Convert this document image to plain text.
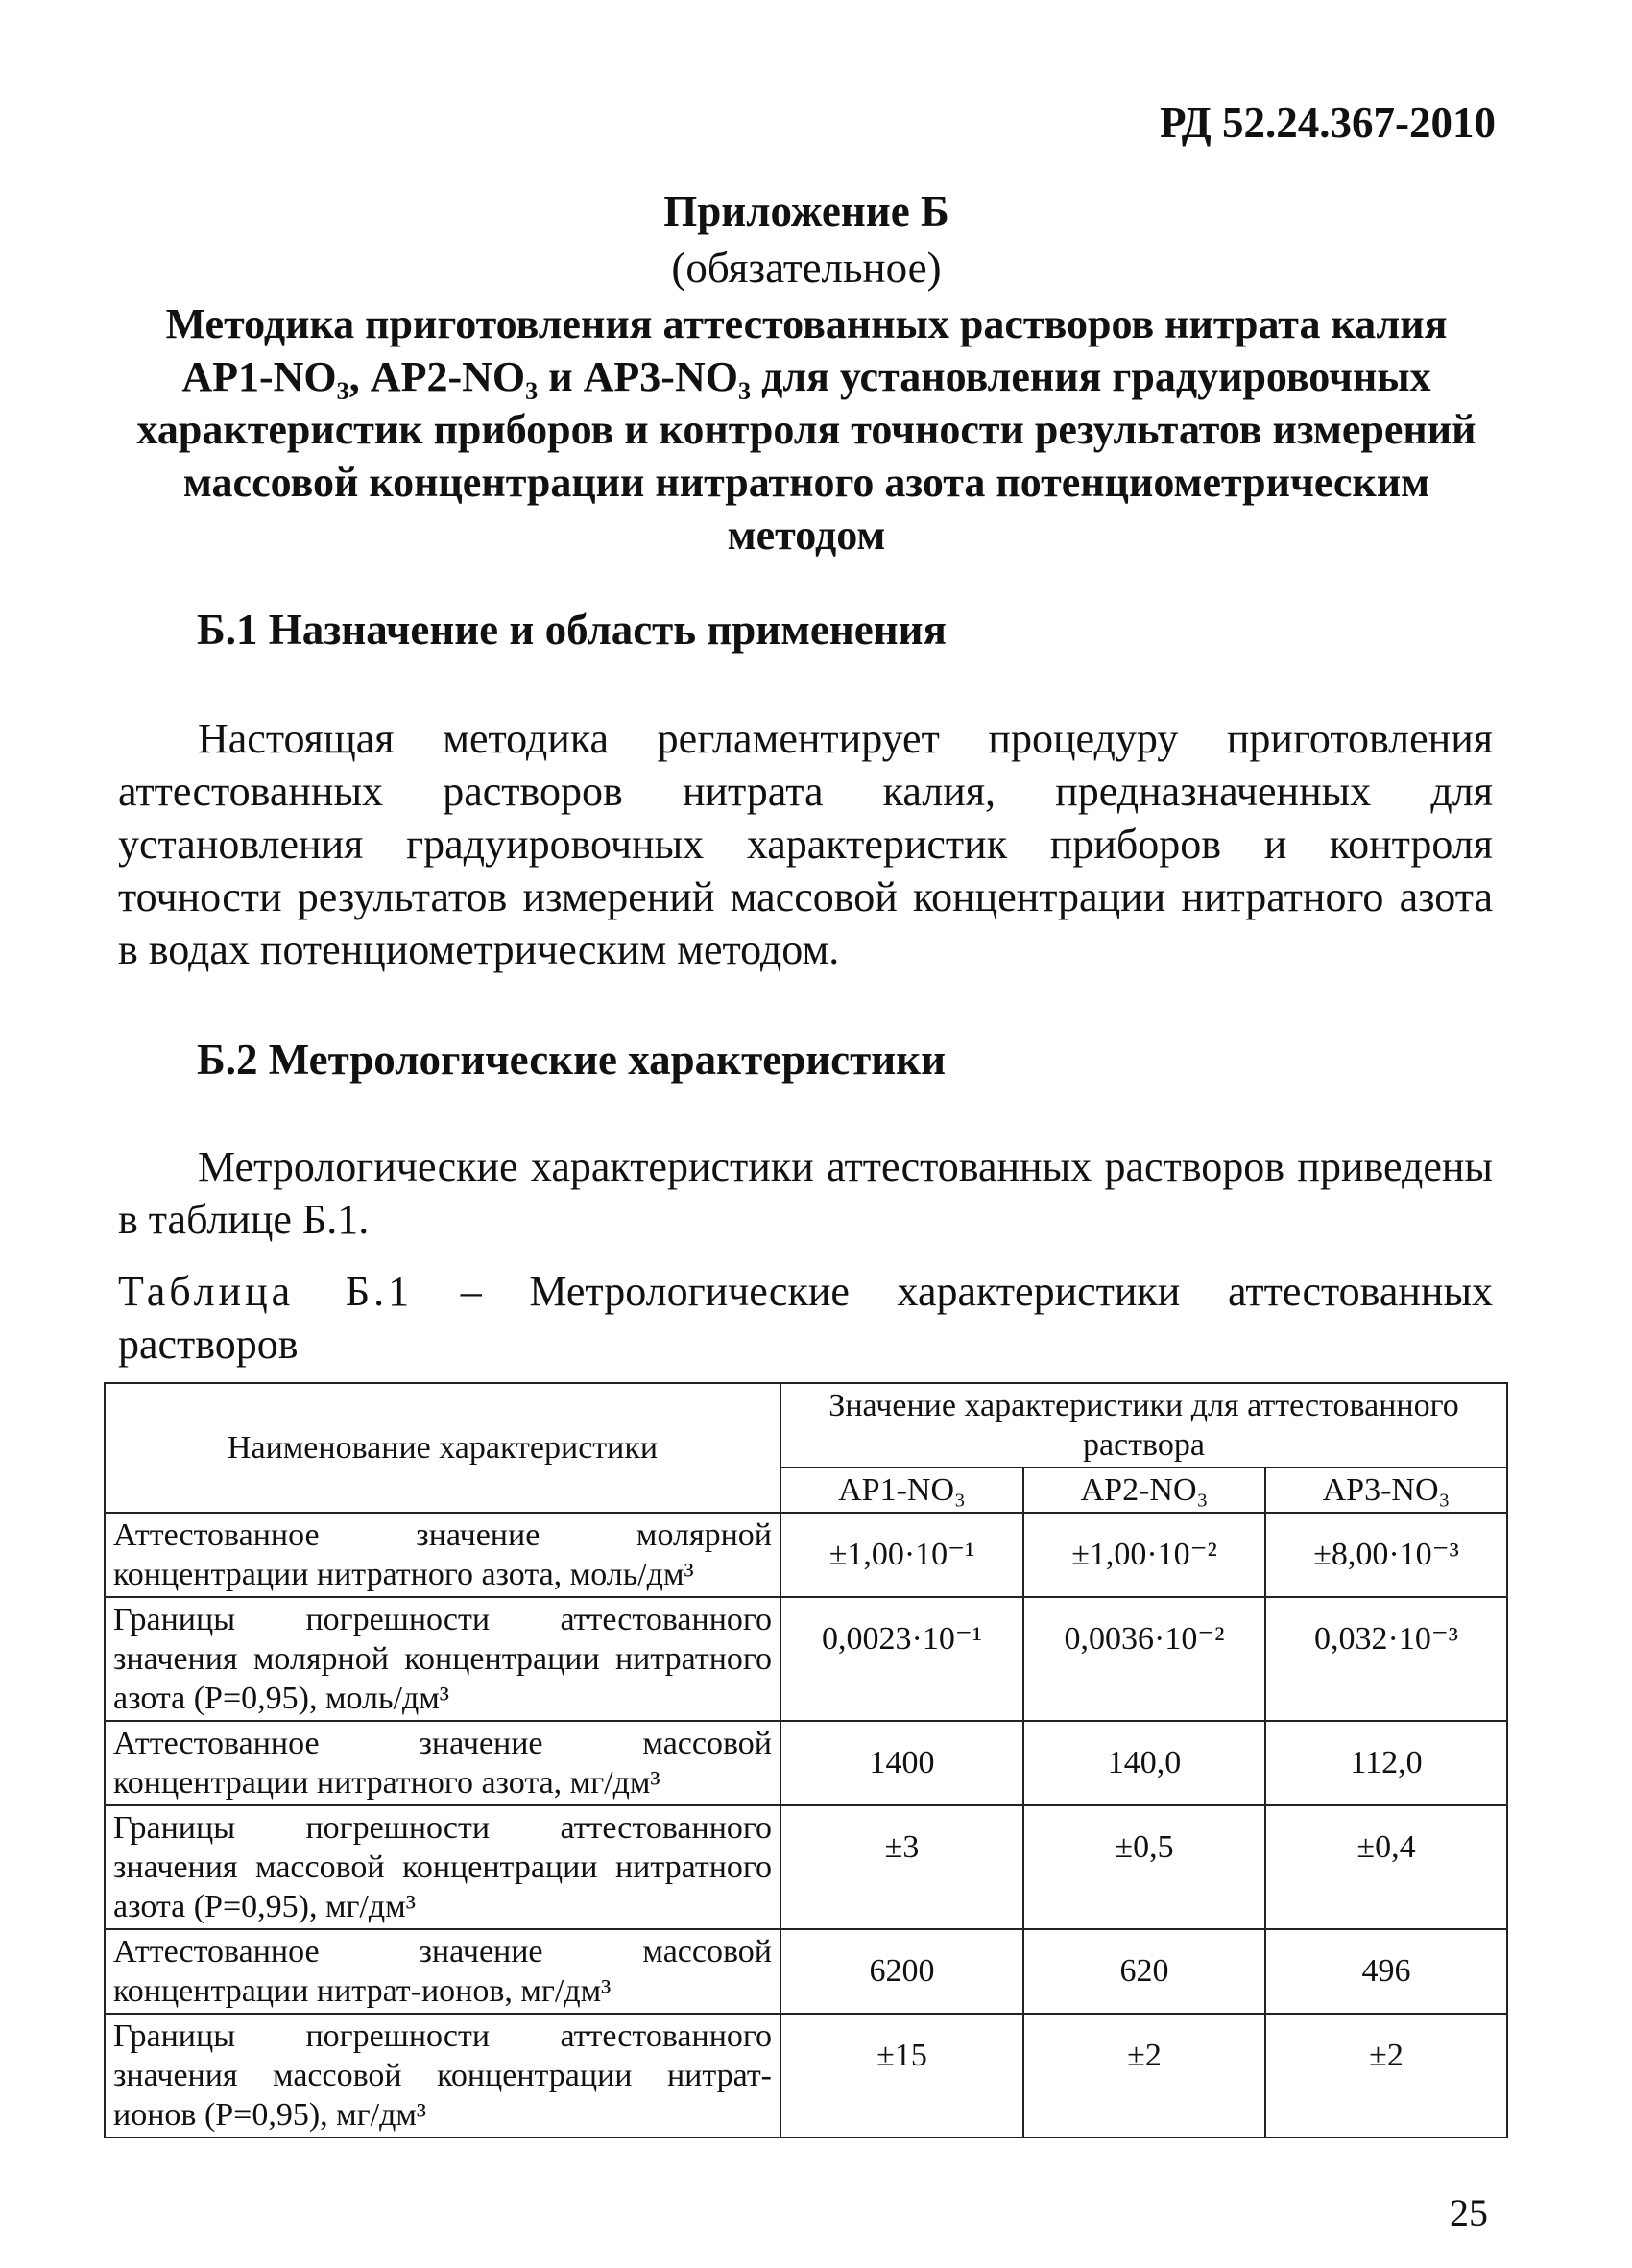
РД 52.24.367-2010
Приложение Б
(обязательное)
Методика приготовления аттестованных растворов нитрата калия АР1-NO₃, АР2-NO₃ и АР3-NO₃ для установления градуировочных характеристик приборов и контроля точности результатов измерений массовой концентрации нитратного азота потенциометрическим методом
Б.1 Назначение и область применения
Настоящая методика регламентирует процедуру приготовления аттестованных растворов нитрата калия, предназначенных для установления градуировочных характеристик приборов и контроля точности результатов измерений массовой концентрации нитратного азота в водах потенциометрическим методом.
Б.2 Метрологические характеристики
Метрологические характеристики аттестованных растворов приведены в таблице Б.1.
Таблица Б.1 – Метрологические характеристики аттестованных растворов
Наименование характеристики	Значение характеристики для аттестованного раствора		
	АР1-NO₃	АР2-NO₃	АР3-NO₃
Аттестованное значение молярной концентрации нитратного азота, моль/дм³	±1,00·10⁻¹	±1,00·10⁻²	±8,00·10⁻³
Границы погрешности аттестованного значения молярной концентрации нитратного азота (Р=0,95), моль/дм³	0,0023·10⁻¹	0,0036·10⁻²	0,032·10⁻³
Аттестованное значение массовой концентрации нитратного азота, мг/дм³	1400	140,0	112,0
Границы погрешности аттестованного значения массовой концентрации нитратного азота (Р=0,95), мг/дм³	±3	±0,5	±0,4
Аттестованное значение массовой концентрации нитрат-ионов, мг/дм³	6200	620	496
Границы погрешности аттестованного значения массовой концентрации нитрат-ионов (Р=0,95), мг/дм³	±15	±2	±2
25
